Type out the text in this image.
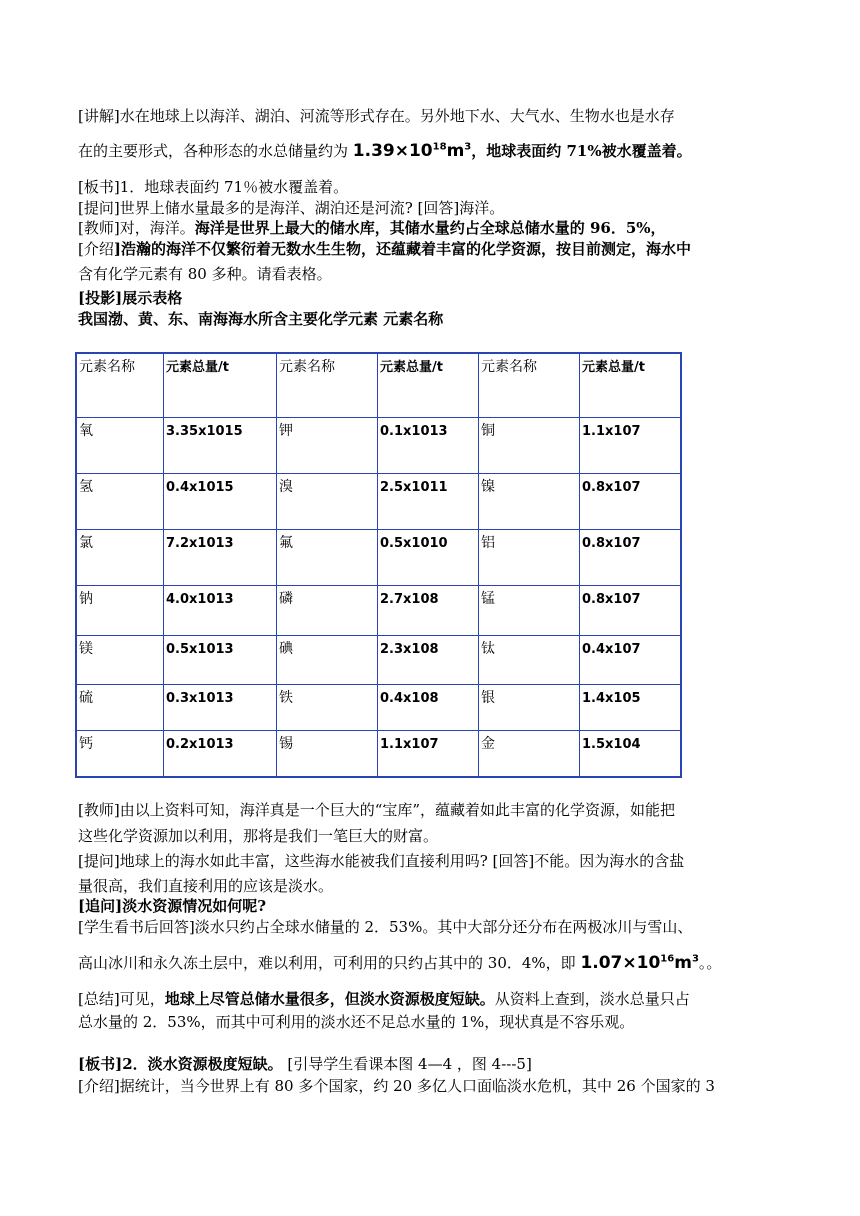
[讲解]水在地球上以海洋、湖泊、河流等形式存在。另外地下水、大气水、生物水也是水存
在的主要形式，各种形态的水总储量约为 $1.39\times 10^{18}m^3$，地球表面约 71%被水覆盖着。
[板书]1．地球表面约 71％被水覆盖着。
[提问]世界上储水量最多的是海洋、湖泊还是河流? [回答]海洋。
[教师]对，海洋。海洋是世界上最大的储水库，其储水量约占全球总储水量的 96．5%，
[介绍]浩瀚的海洋不仅繁衍着无数水生生物，还蕴藏着丰富的化学资源，按目前测定，海水中
含有化学元素有 80 多种。请看表格。
[投影]展示表格
我国渤、黄、东、南海海水所含主要化学元素 元素名称
元素名称	元素总量/t	元素名称	元素总量/t	元素名称	元素总量/t
氧	3.35x1015	钾	0.1x1013	铜	1.1x107
氢	0.4x1015	溴	2.5x1011	镍	0.8x107
氯	7.2x1013	氟	0.5x1010	铝	0.8x107
钠	4.0x1013	磷	2.7x108	锰	0.8x107
镁	0.5x1013	碘	2.3x108	钛	0.4x107
硫	0.3x1013	铁	0.4x108	银	1.4x105
钙	0.2x1013	锡	1.1x107	金	1.5x104
[教师]由以上资料可知，海洋真是一个巨大的“宝库”，蕴藏着如此丰富的化学资源，如能把
这些化学资源加以利用，那将是我们一笔巨大的财富。
[提问]地球上的海水如此丰富，这些海水能被我们直接利用吗? [回答]不能。因为海水的含盐
量很高，我们直接利用的应该是淡水。
[追问]淡水资源情况如何呢?
[学生看书后回答]淡水只约占全球水储量的 2．53%。其中大部分还分布在两极冰川与雪山、
高山冰川和永久冻土层中，难以利用，可利用的只约占其中的 30．4%，即 $1.07\times 10^{16}m^3$。。
[总结]可见，地球上尽管总储水量很多，但淡水资源极度短缺。从资料上查到，淡水总量只占
总水量的 2．53%，而其中可利用的淡水还不足总水量的 1%，现状真是不容乐观。
[板书]2．淡水资源极度短缺。 [引导学生看课本图 4—4 ，图 4---5]
[介绍]据统计，当今世界上有 80 多个国家，约 20 多亿人口面临淡水危机，其中 26 个国家的 3
